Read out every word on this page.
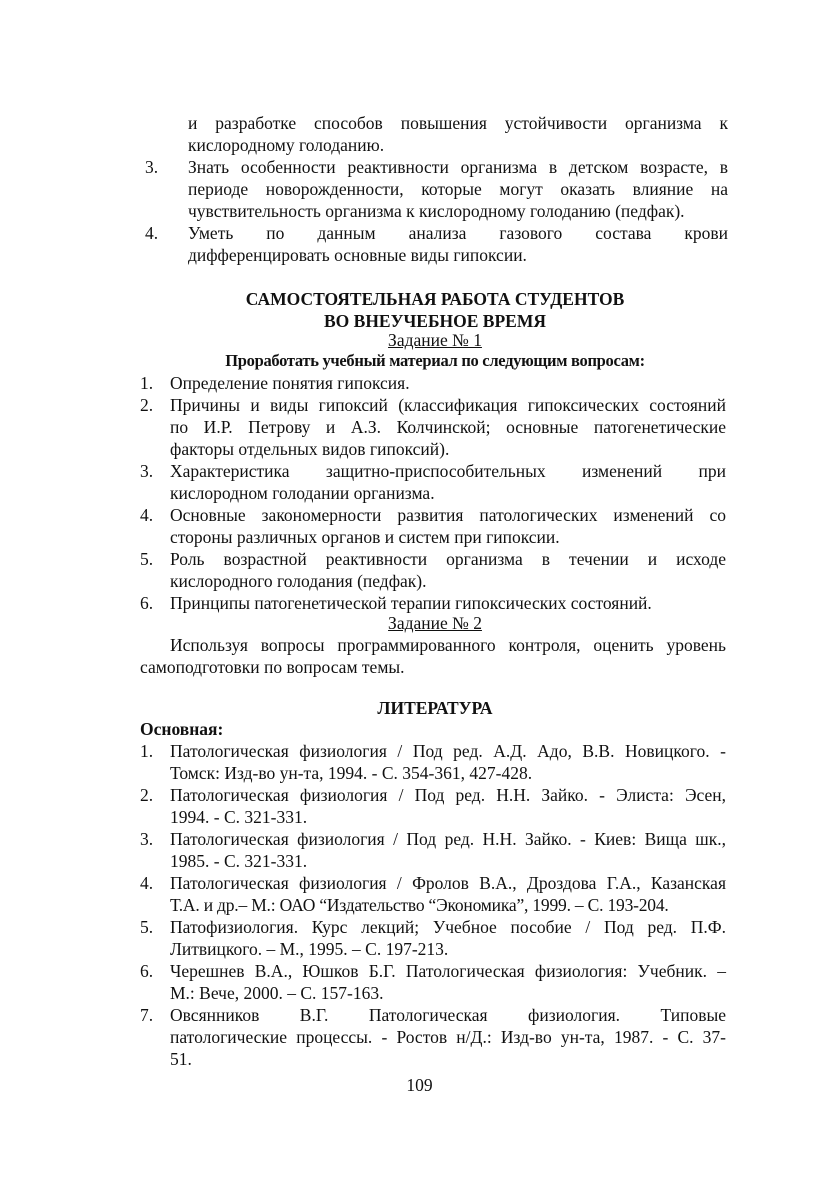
и разработке способов повышения устойчивости организма к
кислородному голоданию.
3.	Знать особенности реактивности организма в детском возрасте, в
периоде новорожденности, которые могут оказать влияние на
чувствительность организма к кислородному голоданию (педфак).
4.	Уметь по данным анализа газового состава крови
дифференцировать основные виды гипоксии.
САМОСТОЯТЕЛЬНАЯ РАБОТА СТУДЕНТОВ
ВО ВНЕУЧЕБНОЕ ВРЕМЯ
Задание № 1
Проработать учебный материал по следующим вопросам:
1. Определение понятия гипоксия.
2. Причины и виды гипоксий (классификация гипоксических состояний
по И.Р. Петрову и А.З. Колчинской; основные патогенетические
факторы отдельных видов гипоксий).
3. Характеристика защитно-приспособительных изменений при
кислородном голодании организма.
4. Основные закономерности развития патологических изменений со
стороны различных органов и систем при гипоксии.
5. Роль возрастной реактивности организма в течении и исходе
кислородного голодания (педфак).
6. Принципы патогенетической терапии гипоксических состояний.
Задание № 2
Используя вопросы программированного контроля, оценить уровень
самоподготовки по вопросам темы.
ЛИТЕРАТУРА
Основная:
1. Патологическая физиология / Под ред. А.Д. Адо, В.В. Новицкого. -
Томск: Изд-во ун-та, 1994. - С. 354-361, 427-428.
2. Патологическая физиология / Под ред. Н.Н. Зайко. - Элиста: Эсен,
1994. - С. 321-331.
3. Патологическая физиология / Под ред. Н.Н. Зайко. - Киев: Вища шк.,
1985. - С. 321-331.
4. Патологическая физиология / Фролов В.А., Дроздова Г.А., Казанская
Т.А. и др.– М.: ОАО “Издательство “Экономика”, 1999. – С. 193-204.
5. Патофизиология. Курс лекций; Учебное пособие / Под ред. П.Ф.
Литвицкого. – М., 1995. – С. 197-213.
6. Черешнев В.А., Юшков Б.Г. Патологическая физиология: Учебник. –
М.: Вече, 2000. – С. 157-163.
7. Овсянников В.Г. Патологическая физиология. Типовые
патологические процессы. - Ростов н/Д.: Изд-во ун-та, 1987. - С. 37-
51.
109
